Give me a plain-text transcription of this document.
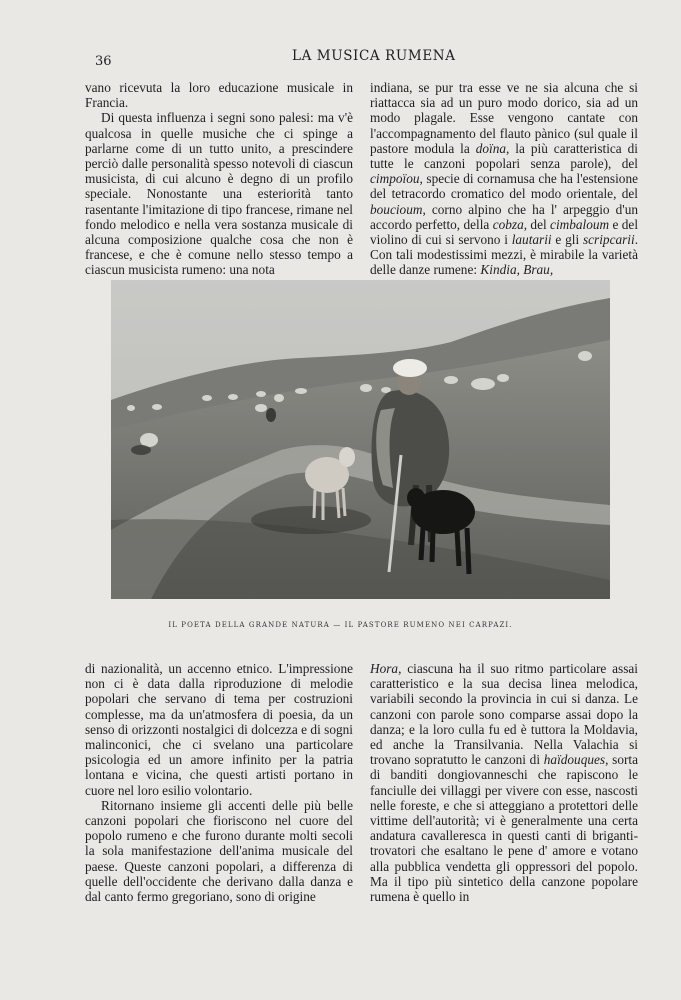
36	LA MUSICA RUMENA

vano ricevuta la loro educazione musicale in Francia.

Di questa influenza i segni sono palesi: ma v'è qualcosa in quelle musiche che ci spinge a parlarne come di un tutto unito, a prescindere perciò dalle personalità spesso notevoli di ciascun musicista, di cui alcuno è degno di un profilo speciale. Nonostante una esteriorità tanto rasentante l'imitazione di tipo francese, rimane nel fondo melodico e nella vera sostanza musicale di alcuna composizione qualche cosa che non è francese, e che è comune nello stesso tempo a ciascun musicista rumeno: una nota

indiana, se pur tra esse ve ne sia alcuna che si riattacca sia ad un puro modo dorico, sia ad un modo plagale. Esse vengono cantate con l'accompagnamento del flauto pànico (sul quale il pastore modula la doïna, la più caratteristica di tutte le canzoni popolari senza parole), del cimpoïou, specie di cornamusa che ha l'estensione del tetracordo cromatico del modo orientale, del boucioum, corno alpino che ha l' arpeggio d'un accordo perfetto, della cobza, del cimbaloum e del violino di cui si servono i lautarii e gli scripcarii. Con tali modestissimi mezzi, è mirabile la varietà delle danze rumene: Kindia, Brau,

IL POETA DELLA GRANDE NATURA — IL PASTORE RUMENO NEI CARPAZI.

di nazionalità, un accenno etnico. L'impressione non ci è data dalla riproduzione di melodie popolari che servano di tema per costruzioni complesse, ma da un'atmosfera di poesia, da un senso di orizzonti nostalgici di dolcezza e di sogni malinconici, che ci svelano una particolare psicologia ed un amore infinito per la patria lontana e vicina, che questi artisti portano in cuore nel loro esilio volontario.

Ritornano insieme gli accenti delle più belle canzoni popolari che fioriscono nel cuore del popolo rumeno e che furono durante molti secoli la sola manifestazione dell'anima musicale del paese. Queste canzoni popolari, a differenza di quelle dell'occidente che derivano dalla danza e dal canto fermo gregoriano, sono di origine

Hora, ciascuna ha il suo ritmo particolare assai caratteristico e la sua decisa linea melodica, variabili secondo la provincia in cui si danza. Le canzoni con parole sono comparse assai dopo la danza; e la loro culla fu ed è tuttora la Moldavia, ed anche la Transilvania. Nella Valachia si trovano sopratutto le canzoni di haïdouques, sorta di banditi dongiovanneschi che rapiscono le fanciulle dei villaggi per vivere con esse, nascosti nelle foreste, e che si atteggiano a protettori delle vittime dell'autorità; vi è generalmente una certa andatura cavalleresca in questi canti di briganti-trovatori che esaltano le pene d' amore e votano alla pubblica vendetta gli oppressori del popolo. Ma il tipo più sintetico della canzone popolare rumena è quello in
